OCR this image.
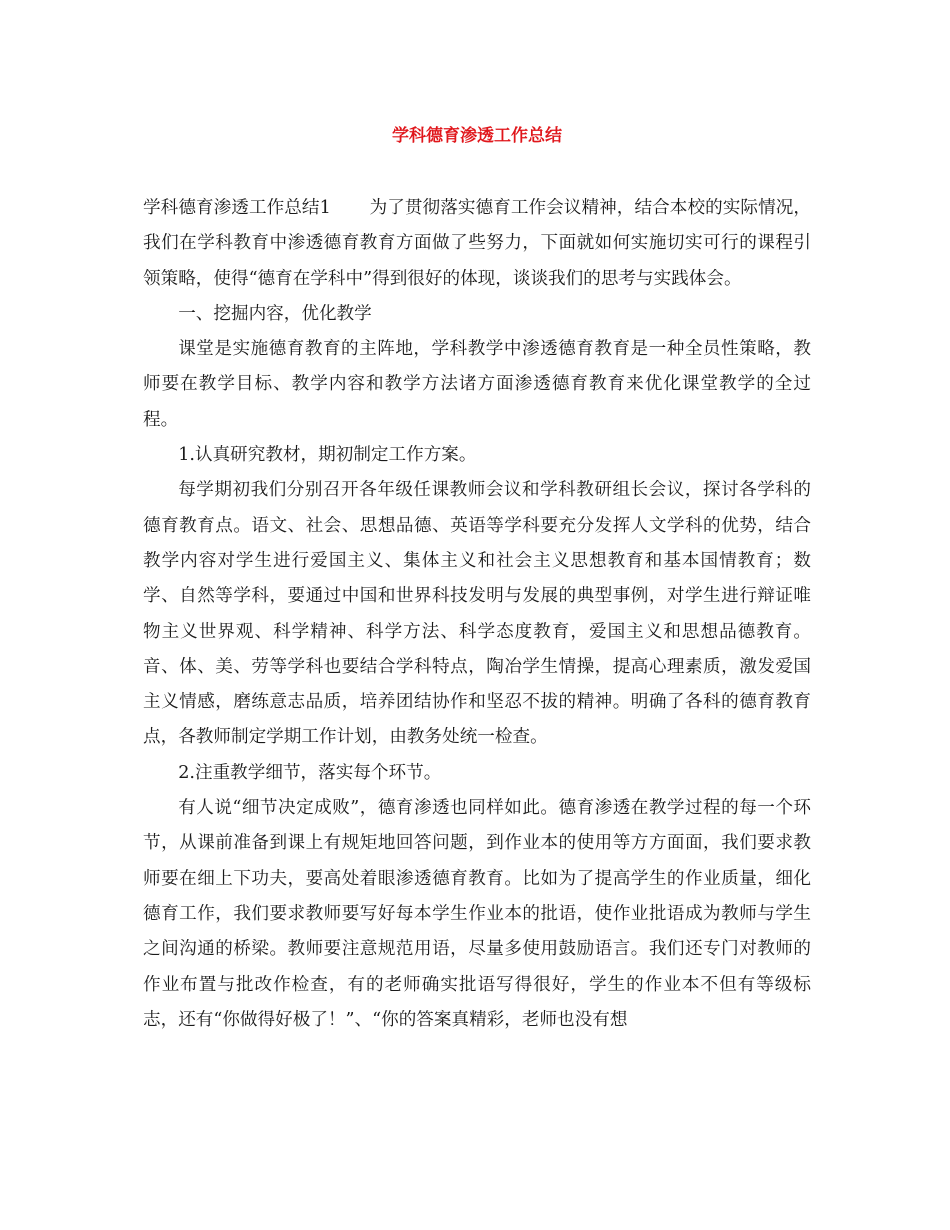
学科德育渗透工作总结

学科德育渗透工作总结1 为了贯彻落实德育工作会议精神，结合本校的实际情况，我们在学科教育中渗透德育教育方面做了些努力，下面就如何实施切实可行的课程引领策略，使得“德育在学科中”得到很好的体现，谈谈我们的思考与实践体会。

一、挖掘内容，优化教学

课堂是实施德育教育的主阵地，学科教学中渗透德育教育是一种全员性策略，教师要在教学目标、教学内容和教学方法诸方面渗透德育教育来优化课堂教学的全过程。

1.认真研究教材，期初制定工作方案。

每学期初我们分别召开各年级任课教师会议和学科教研组长会议，探讨各学科的德育教育点。语文、社会、思想品德、英语等学科要充分发挥人文学科的优势，结合教学内容对学生进行爱国主义、集体主义和社会主义思想教育和基本国情教育；数学、自然等学科，要通过中国和世界科技发明与发展的典型事例，对学生进行辩证唯物主义世界观、科学精神、科学方法、科学态度教育，爱国主义和思想品德教育。音、体、美、劳等学科也要结合学科特点，陶冶学生情操，提高心理素质，激发爱国主义情感，磨练意志品质，培养团结协作和坚忍不拔的精神。明确了各科的德育教育点，各教师制定学期工作计划，由教务处统一检查。

2.注重教学细节，落实每个环节。

有人说“细节决定成败”，德育渗透也同样如此。德育渗透在教学过程的每一个环节，从课前准备到课上有规矩地回答问题，到作业本的使用等方方面面，我们要求教师要在细上下功夫，要高处着眼渗透德育教育。比如为了提高学生的作业质量，细化德育工作，我们要求教师要写好每本学生作业本的批语，使作业批语成为教师与学生之间沟通的桥梁。教师要注意规范用语，尽量多使用鼓励语言。我们还专门对教师的作业布置与批改作检查，有的老师确实批语写得很好，学生的作业本不但有等级标志，还有“你做得好极了！”、“你的答案真精彩，老师也没有想
